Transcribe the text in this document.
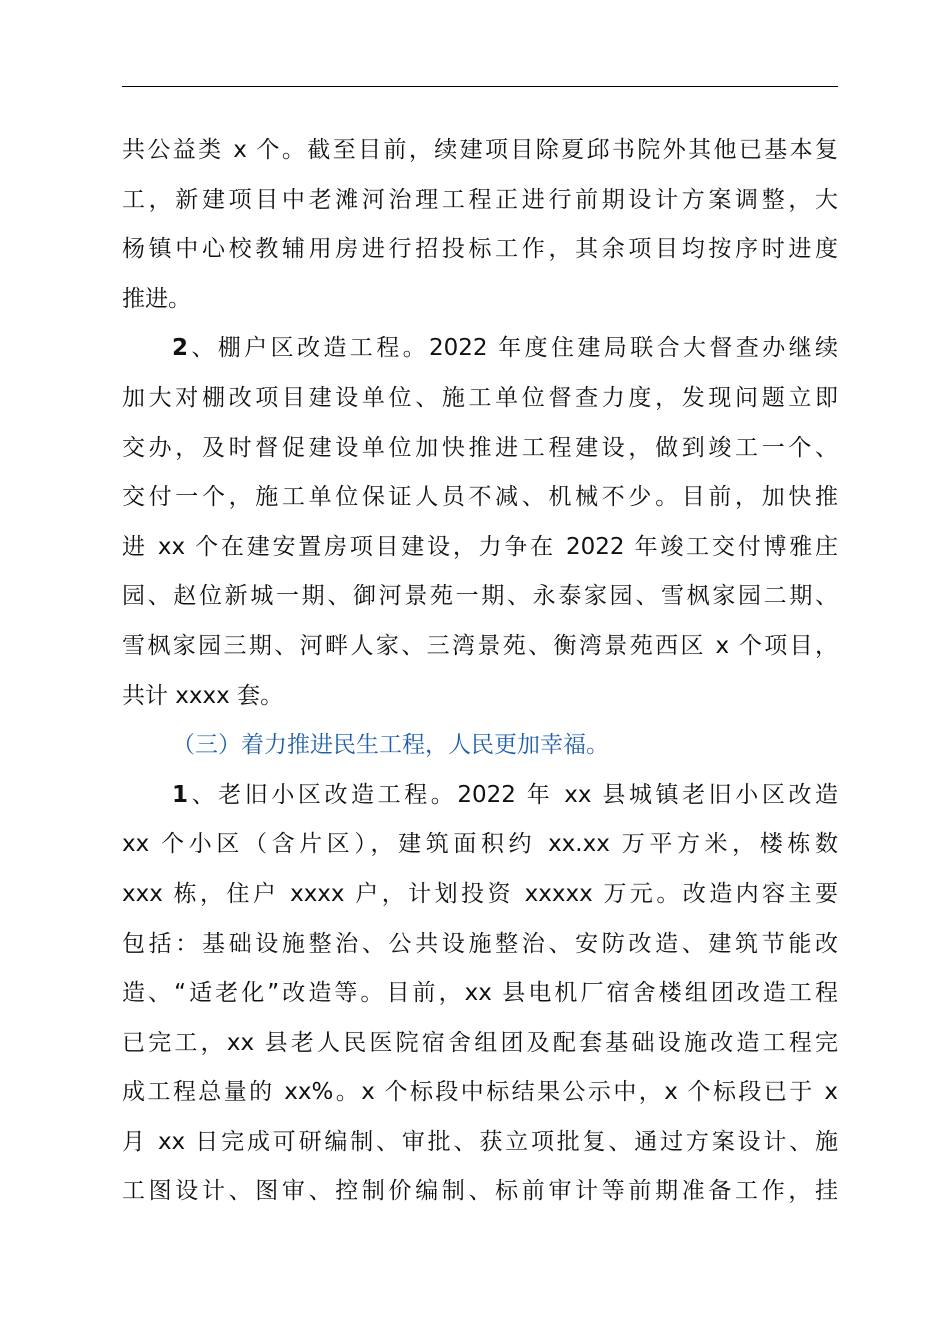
共公益类 x 个。截至目前，续建项目除夏邱书院外其他已基本复
工，新建项目中老滩河治理工程正进行前期设计方案调整，大
杨镇中心校教辅用房进行招投标工作，其余项目均按序时进度
推进。
2、棚户区改造工程。2022 年度住建局联合大督查办继续
加大对棚改项目建设单位、施工单位督查力度，发现问题立即
交办，及时督促建设单位加快推进工程建设，做到竣工一个、
交付一个，施工单位保证人员不减、机械不少。目前，加快推
进 xx 个在建安置房项目建设，力争在 2022 年竣工交付博雅庄
园、赵位新城一期、御河景苑一期、永泰家园、雪枫家园二期、
雪枫家园三期、河畔人家、三湾景苑、衡湾景苑西区 x 个项目，
共计 xxxx 套。
（三）着力推进民生工程，人民更加幸福。
1、老旧小区改造工程。2022 年 xx 县城镇老旧小区改造
xx 个小区（含片区），建筑面积约 xx.xx 万平方米，楼栋数
xxx 栋，住户 xxxx 户，计划投资 xxxxx 万元。改造内容主要
包括：基础设施整治、公共设施整治、安防改造、建筑节能改
造、“适老化”改造等。目前，xx 县电机厂宿舍楼组团改造工程
已完工，xx 县老人民医院宿舍组团及配套基础设施改造工程完
成工程总量的 xx%。x 个标段中标结果公示中，x 个标段已于 x
月 xx 日完成可研编制、审批、获立项批复、通过方案设计、施
工图设计、图审、控制价编制、标前审计等前期准备工作，挂
